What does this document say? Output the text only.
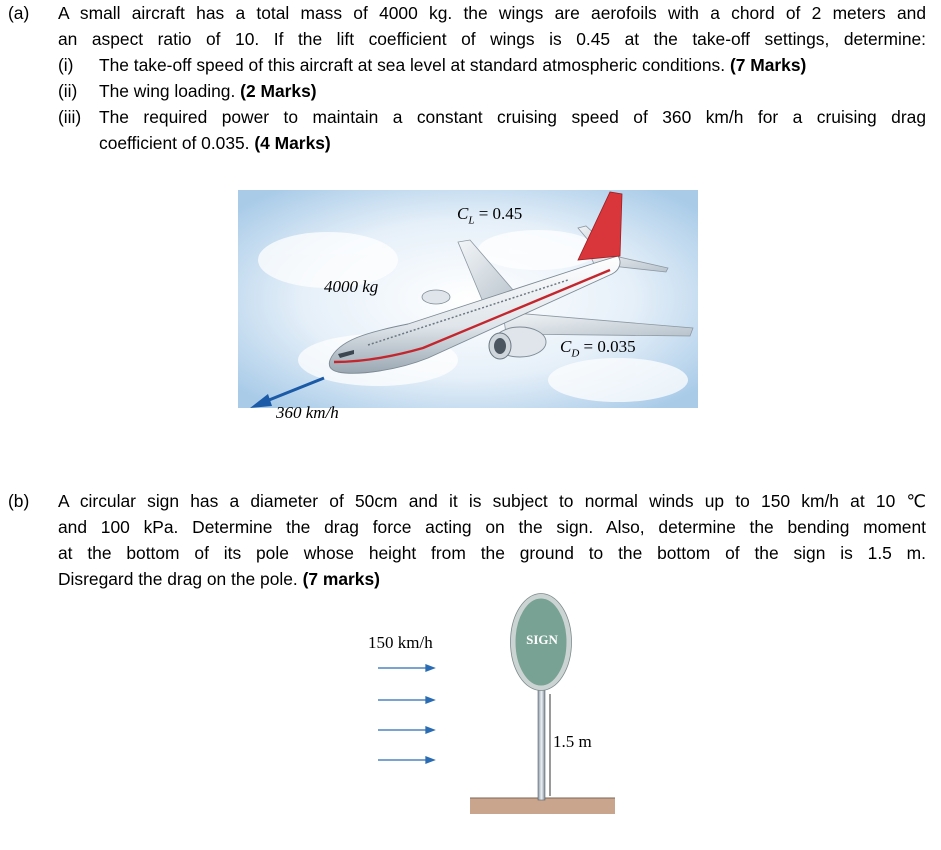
(a) A small aircraft has a total mass of 4000 kg. the wings are aerofoils with a chord of 2 meters and
an aspect ratio of 10. If the lift coefficient of wings is 0.45 at the take-off settings, determine:
(i) The take-off speed of this aircraft at sea level at standard atmospheric conditions. (7 Marks)
(ii) The wing loading. (2 Marks)
(iii) The required power to maintain a constant cruising speed of 360 km/h for a cruising drag
coefficient of 0.035. (4 Marks)
$C_L = 0.45$
$C_D = 0.035$
4000 kg
360 km/h
(b) A circular sign has a diameter of 50cm and it is subject to normal winds up to 150 km/h at 10 ℃
and 100 kPa. Determine the drag force acting on the sign. Also, determine the bending moment
at the bottom of its pole whose height from the ground to the bottom of the sign is 1.5 m.
Disregard the drag on the pole. (7 marks)
150 km/h	SIGN
1.5 m
